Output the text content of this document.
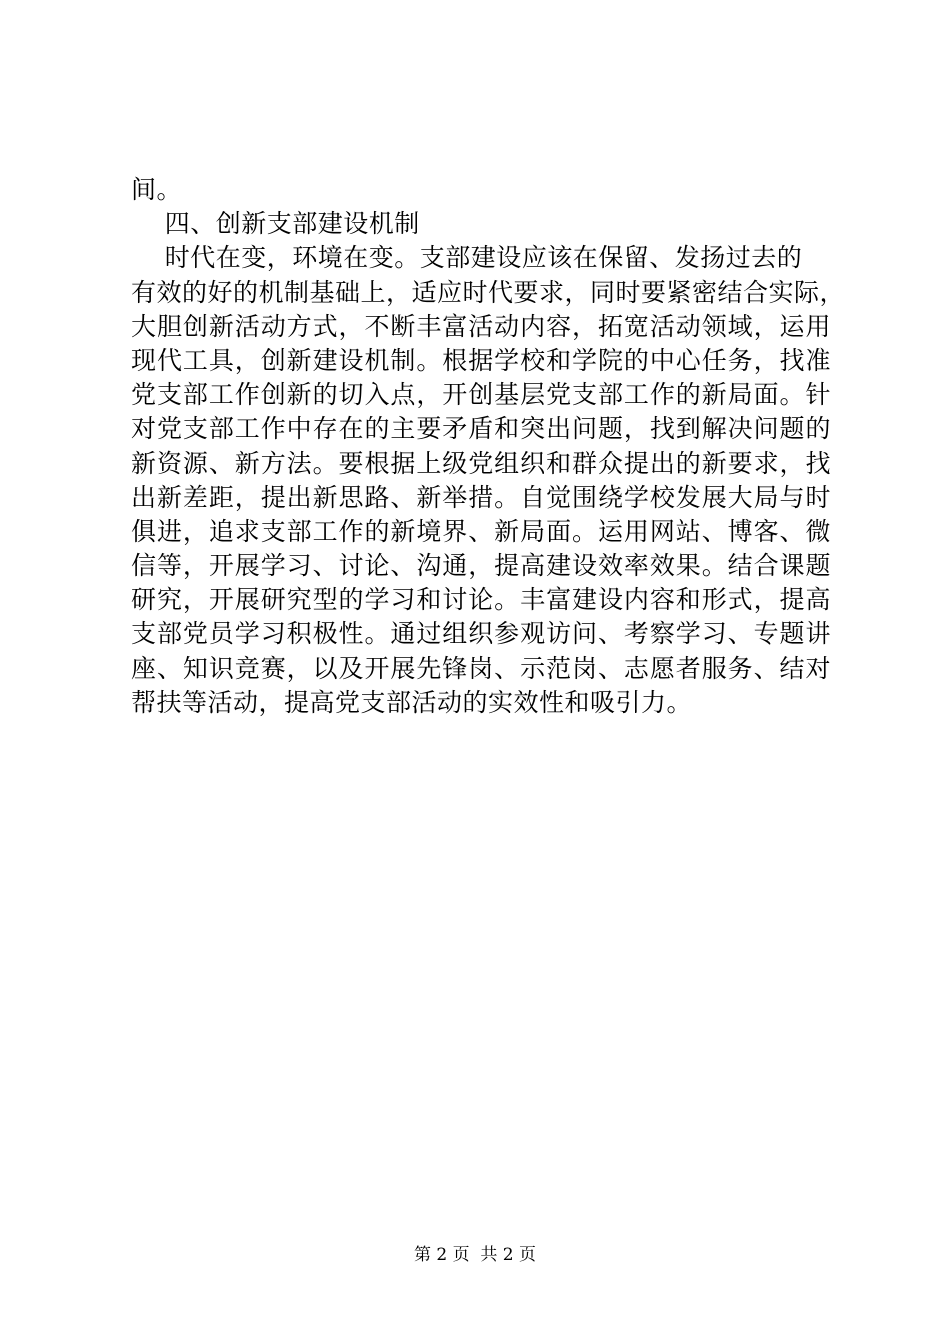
间。
四、创新支部建设机制
时代在变，环境在变。支部建设应该在保留、发扬过去的
有效的好的机制基础上，适应时代要求，同时要紧密结合实际，
大胆创新活动方式，不断丰富活动内容，拓宽活动领域，运用
现代工具，创新建设机制。根据学校和学院的中心任务，找准
党支部工作创新的切入点，开创基层党支部工作的新局面。针
对党支部工作中存在的主要矛盾和突出问题，找到解决问题的
新资源、新方法。要根据上级党组织和群众提出的新要求，找
出新差距，提出新思路、新举措。自觉围绕学校发展大局与时
俱进，追求支部工作的新境界、新局面。运用网站、博客、微
信等，开展学习、讨论、沟通，提高建设效率效果。结合课题
研究，开展研究型的学习和讨论。丰富建设内容和形式，提高
支部党员学习积极性。通过组织参观访问、考察学习、专题讲
座、知识竞赛，以及开展先锋岗、示范岗、志愿者服务、结对
帮扶等活动，提高党支部活动的实效性和吸引力。
第 2 页  共 2 页
